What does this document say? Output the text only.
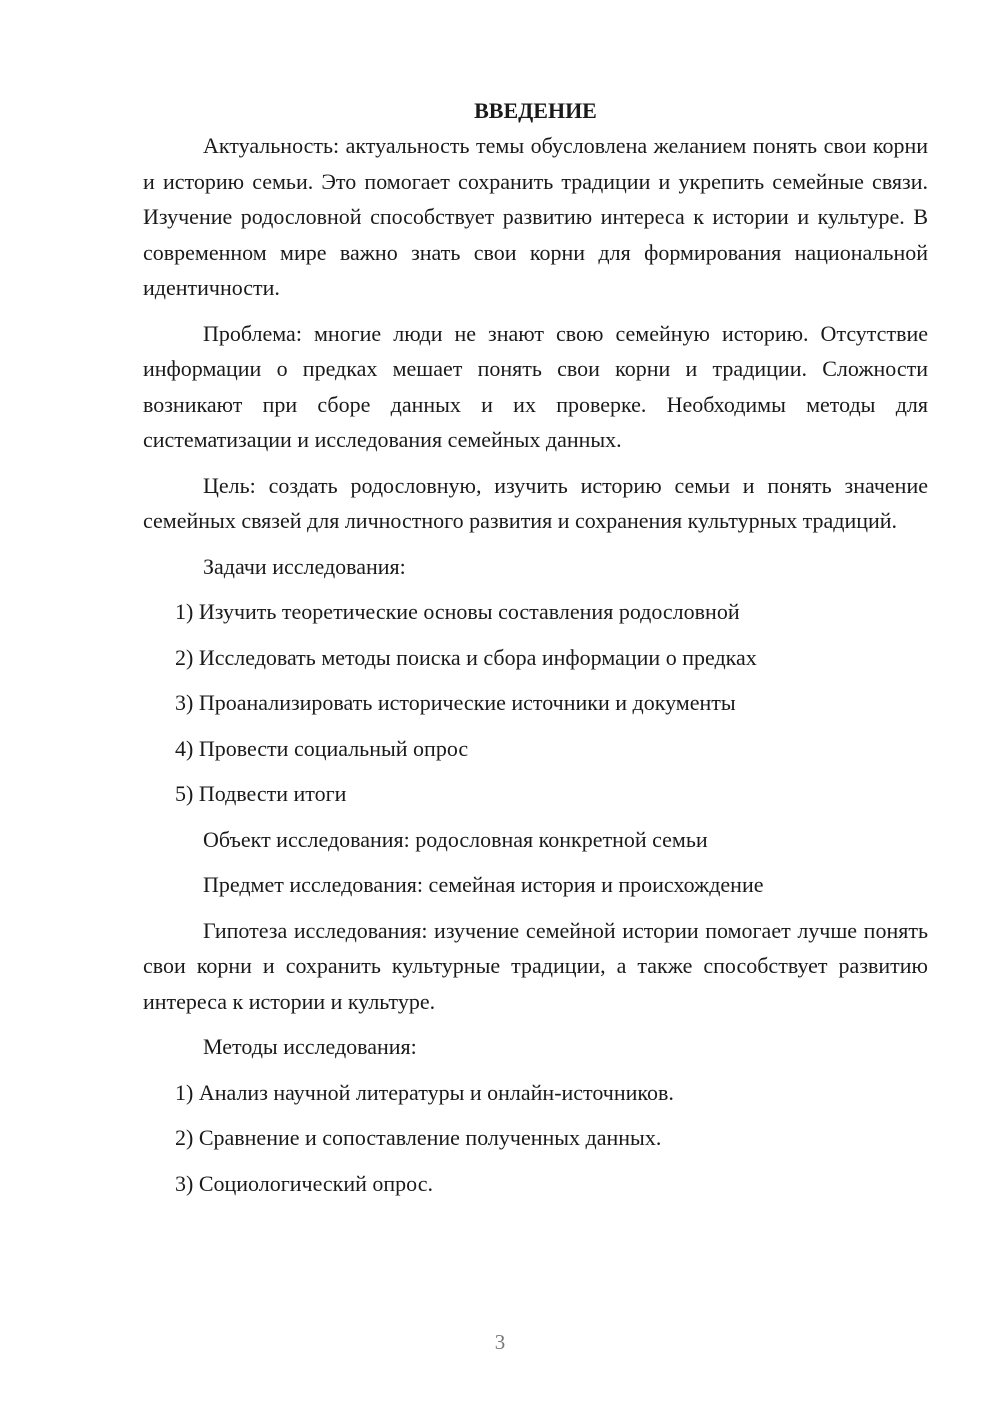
ВВЕДЕНИЕ

Актуальность: актуальность темы обусловлена желанием понять свои корни и историю семьи. Это помогает сохранить традиции и укрепить семейные связи. Изучение родословной способствует развитию интереса к истории и культуре. В современном мире важно знать свои корни для формирования национальной идентичности.

Проблема: многие люди не знают свою семейную историю. Отсутствие информации о предках мешает понять свои корни и традиции. Сложности возникают при сборе данных и их проверке. Необходимы методы для систематизации и исследования семейных данных.

Цель: создать родословную, изучить историю семьи и понять значение семейных связей для личностного развития и сохранения культурных традиций.

Задачи исследования:
1) Изучить теоретические основы составления родословной
2) Исследовать методы поиска и сбора информации о предках
3) Проанализировать исторические источники и документы
4) Провести социальный опрос
5) Подвести итоги
Объект исследования: родословная конкретной семьи
Предмет исследования: семейная история и происхождение

Гипотеза исследования: изучение семейной истории помогает лучше понять свои корни и сохранить культурные традиции, а также способствует развитию интереса к истории и культуре.

Методы исследования:
1) Анализ научной литературы и онлайн-источников.
2) Сравнение и сопоставление полученных данных.
3) Социологический опрос.
3
